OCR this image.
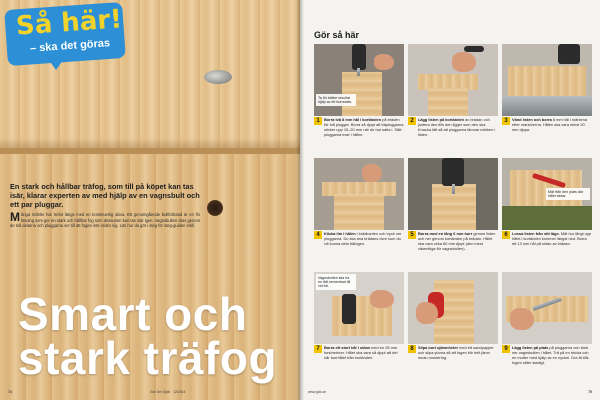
Så här!
– ska det göras
En stark och hållbar träfog, som till på köpet kan tas isär, klarar experten av med hjälp av en vagnsbult och ett par pluggar.
Många möbler har trefot längs med en kontinuerlig skiva. Ett genomgående bultförband är en fin lösning som ger en stark och hållbar fog som dessutom kan tas isär igen. Vagnsbulten dras genom de två delarna och pluggarna ser till att fogen inte vrider sig. Läs hur du gör i steg för steg-guiden intill.
Smart och
stark träfog
74	Gör Det Själv · 12/2014
Gör så här
Ta för bättre resultat hjälp av ett borrstativ.
1	Borra två 8 mm hål i kortänden på bräden för två pluggar. Borra så djupt att träpluggarna sticker upp 15–20 mm när de har satts i. Sätt pluggarna kvar i hålen.
2	Lägg listen på kortänden av brädan och justera den tills den ligger som den ska. Knacka lätt så att pluggarna lämnar märken i listen.
3	Vänd listen och borra 8 mm hål i märkena efter markörerna. Hålen ska vara minst 20 mm djupa.
4	Klicka lim i hålen i brädkanten och tryck ner pluggarna. Du ska ana brädans övre som du vill kunna dela träfogen.
5	Borra med en lång 6 mm borr genom listen och ner genom kortänden på brädan. Hålet ska vara cirka 60 mm djupt (den mest väsentliga för vagnsbulten).
Mät från den plats där hålet slutar.
6	Lossa listen från sitt läge. Mät hur långt upp hålet i kortänden kommer längst ned. Borra ett 13 mm hål på sidan av brädan.
Vagnsbulten ska ha en lätt cementrad till vid trä.
7	Borra ett stort hål i sidan med en 25 mm forstnerborr. Hålet ska vara så djupt att det når borrhålet från kortänden.
8	Slipa bort ojämnheter med ett sandpapper och slipa ytorna så att fogen blir helt jämn innan montering.
9	Lägg listen på plats på pluggarna och stick ner vagnsbulten i hålet. Trä på en bricka och en mutter med hjälp av en nyckel. Dra åt tills fogen sitter stadigt.
www.gds.se	75
